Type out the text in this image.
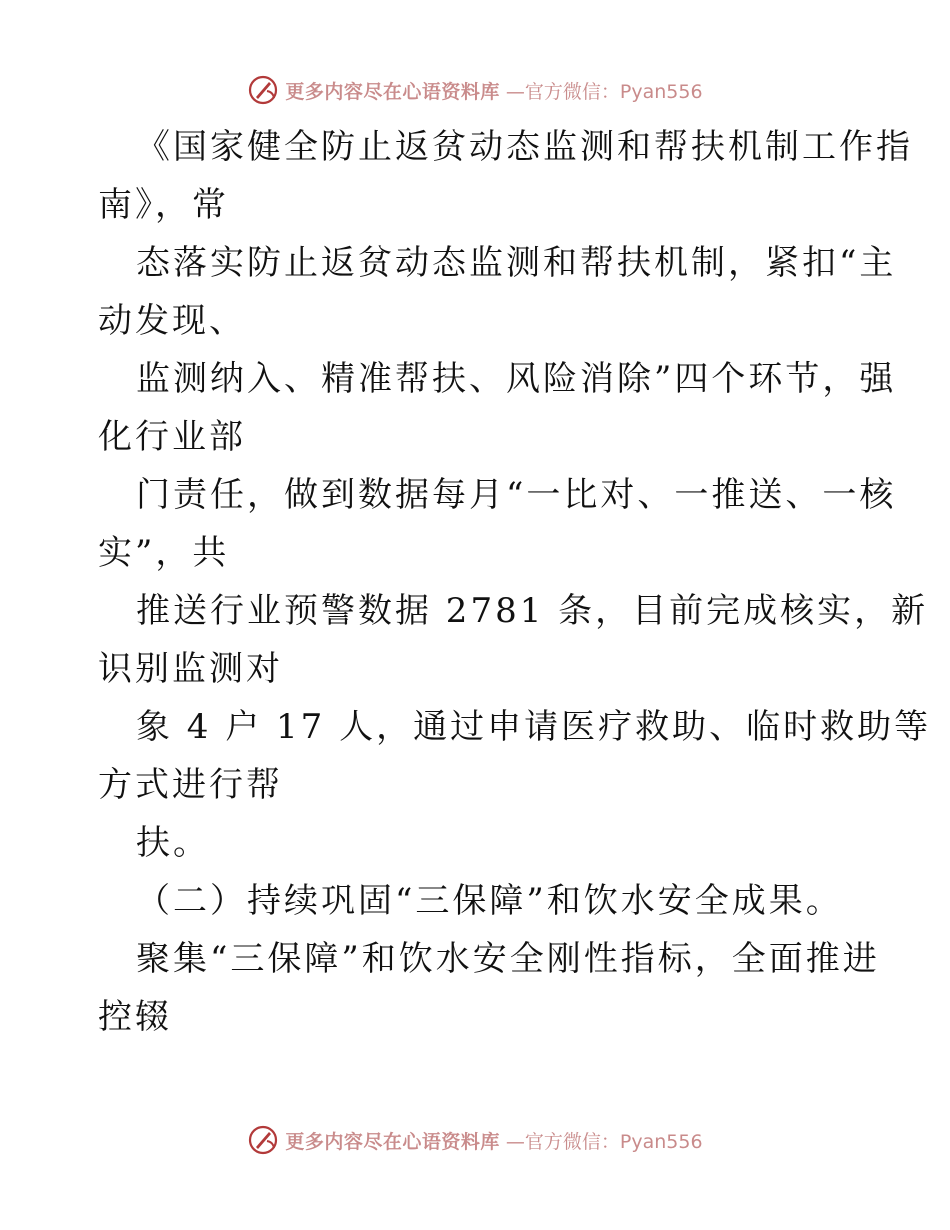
更多内容尽在心语资料库 —官方微信：Pyan556
《国家健全防止返贫动态监测和帮扶机制工作指
南》，常
态落实防止返贫动态监测和帮扶机制，紧扣“主
动发现、
监测纳入、精准帮扶、风险消除”四个环节，强
化行业部
门责任，做到数据每月“一比对、一推送、一核
实”，共
推送行业预警数据 2781 条，目前完成核实，新
识别监测对
象 4 户 17 人，通过申请医疗救助、临时救助等
方式进行帮
扶。
（二）持续巩固“三保障”和饮水安全成果。
聚集“三保障”和饮水安全刚性指标，全面推进
控辍
更多内容尽在心语资料库 —官方微信：Pyan556
